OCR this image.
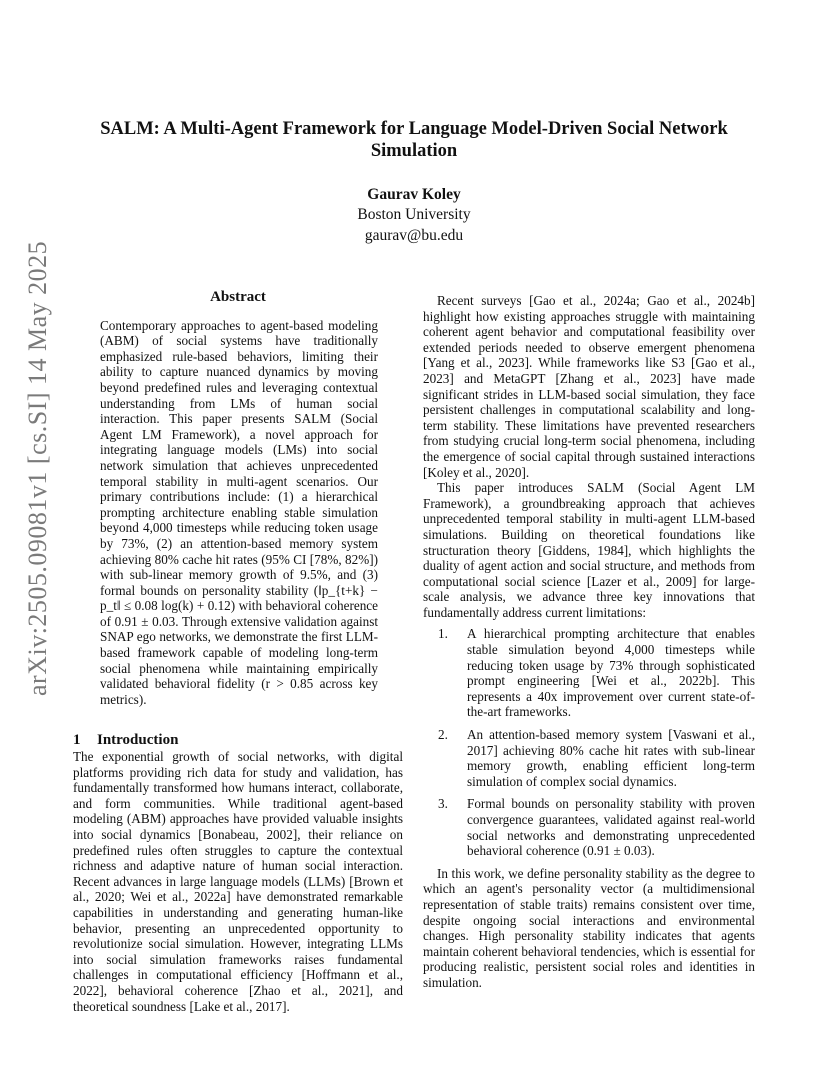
arXiv:2505.09081v1 [cs.SI] 14 May 2025
SALM: A Multi-Agent Framework for Language Model-Driven Social Network Simulation
Gaurav Koley
Boston University
gaurav@bu.edu
Abstract

Contemporary approaches to agent-based modeling (ABM) of social systems have traditionally emphasized rule-based behaviors, limiting their ability to capture nuanced dynamics by moving beyond predefined rules and leveraging contextual understanding from LMs of human social interaction. This paper presents SALM (Social Agent LM Framework), a novel approach for integrating language models (LMs) into social network simulation that achieves unprecedented temporal stability in multi-agent scenarios. Our primary contributions include: (1) a hierarchical prompting architecture enabling stable simulation beyond 4,000 timesteps while reducing token usage by 73%, (2) an attention-based memory system achieving 80% cache hit rates (95% CI [78%, 82%]) with sub-linear memory growth of 9.5%, and (3) formal bounds on personality stability (‖p_{t+k} − p_t‖ ≤ 0.08 log(k) + 0.12) with behavioral coherence of 0.91 ± 0.03. Through extensive validation against SNAP ego networks, we demonstrate the first LLM-based framework capable of modeling long-term social phenomena while maintaining empirically validated behavioral fidelity (r > 0.85 across key metrics).

1 Introduction

The exponential growth of social networks, with digital platforms providing rich data for study and validation, has fundamentally transformed how humans interact, collaborate, and form communities. While traditional agent-based modeling (ABM) approaches have provided valuable insights into social dynamics [Bonabeau, 2002], their reliance on predefined rules often struggles to capture the contextual richness and adaptive nature of human social interaction. Recent advances in large language models (LLMs) [Brown et al., 2020; Wei et al., 2022a] have demonstrated remarkable capabilities in understanding and generating human-like behavior, presenting an unprecedented opportunity to revolutionize social simulation. However, integrating LLMs into social simulation frameworks raises fundamental challenges in computational efficiency [Hoffmann et al., 2022], behavioral coherence [Zhao et al., 2021], and theoretical soundness [Lake et al., 2017].

Recent surveys [Gao et al., 2024a; Gao et al., 2024b] highlight how existing approaches struggle with maintaining coherent agent behavior and computational feasibility over extended periods needed to observe emergent phenomena [Yang et al., 2023]. While frameworks like S3 [Gao et al., 2023] and MetaGPT [Zhang et al., 2023] have made significant strides in LLM-based social simulation, they face persistent challenges in computational scalability and long-term stability. These limitations have prevented researchers from studying crucial long-term social phenomena, including the emergence of social capital through sustained interactions [Koley et al., 2020].

This paper introduces SALM (Social Agent LM Framework), a groundbreaking approach that achieves unprecedented temporal stability in multi-agent LLM-based simulations. Building on theoretical foundations like structuration theory [Giddens, 1984], which highlights the duality of agent action and social structure, and methods from computational social science [Lazer et al., 2009] for large-scale analysis, we advance three key innovations that fundamentally address current limitations:

1. A hierarchical prompting architecture that enables stable simulation beyond 4,000 timesteps while reducing token usage by 73% through sophisticated prompt engineering [Wei et al., 2022b]. This represents a 40x improvement over current state-of-the-art frameworks.
2. An attention-based memory system [Vaswani et al., 2017] achieving 80% cache hit rates with sub-linear memory growth, enabling efficient long-term simulation of complex social dynamics.
3. Formal bounds on personality stability with proven convergence guarantees, validated against real-world social networks and demonstrating unprecedented behavioral coherence (0.91 ± 0.03).

In this work, we define personality stability as the degree to which an agent's personality vector (a multidimensional representation of stable traits) remains consistent over time, despite ongoing social interactions and environmental changes. High personality stability indicates that agents maintain coherent behavioral tendencies, which is essential for producing realistic, persistent social roles and identities in simulation.
